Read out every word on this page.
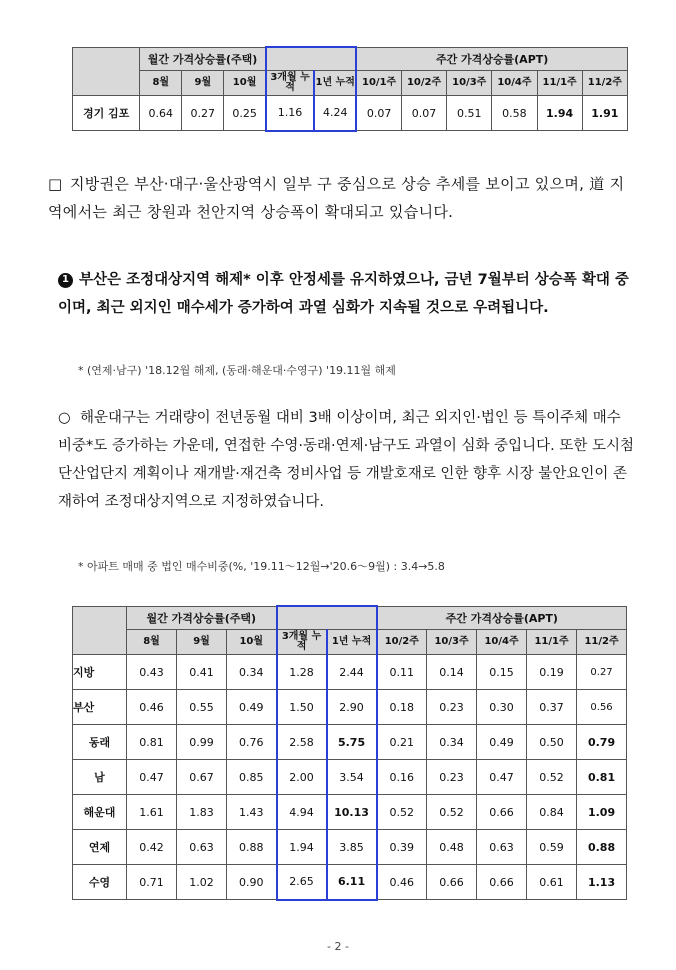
	월간 가격상승률(주택)					주간 가격상승률(APT)					
	8월	9월	10월	3개월 누적	1년 누적	10/1주	10/2주	10/3주	10/4주	11/1주	11/2주
경기 김포	0.64	0.27	0.25	1.16	4.24	0.07	0.07	0.51	0.58	1.94	1.91
□ 지방권은 부산·대구·울산광역시 일부 구 중심으로 상승 추세를 보이고 있으며, 道 지역에서는 최근 창원과 천안지역 상승폭이 확대되고 있습니다.
1 부산은 조정대상지역 해제* 이후 안정세를 유지하였으나, 금년 7월부터 상승폭 확대 중이며, 최근 외지인 매수세가 증가하여 과열 심화가 지속될 것으로 우려됩니다.
* (연제·남구) '18.12월 해제, (동래·해운대·수영구) '19.11월 해제
○ 해운대구는 거래량이 전년동월 대비 3배 이상이며, 최근 외지인·법인 등 특이주체 매수 비중*도 증가하는 가운데, 연접한 수영·동래·연제·남구도 과열이 심화 중입니다. 또한 도시첨단산업단지 계획이나 재개발·재건축 정비사업 등 개발호재로 인한 향후 시장 불안요인이 존재하여 조정대상지역으로 지정하였습니다.
* 아파트 매매 중 법인 매수비중(%, '19.11～12월→'20.6～9월) : 3.4→5.8
	월간 가격상승률(주택)					주간 가격상승률(APT)				
	8월	9월	10월	3개월 누적	1년 누적	10/2주	10/3주	10/4주	11/1주	11/2주
지방	0.43	0.41	0.34	1.28	2.44	0.11	0.14	0.15	0.19	0.27
부산	0.46	0.55	0.49	1.50	2.90	0.18	0.23	0.30	0.37	0.56
동래	0.81	0.99	0.76	2.58	5.75	0.21	0.34	0.49	0.50	0.79
남	0.47	0.67	0.85	2.00	3.54	0.16	0.23	0.47	0.52	0.81
해운대	1.61	1.83	1.43	4.94	10.13	0.52	0.52	0.66	0.84	1.09
연제	0.42	0.63	0.88	1.94	3.85	0.39	0.48	0.63	0.59	0.88
수영	0.71	1.02	0.90	2.65	6.11	0.46	0.66	0.66	0.61	1.13
- 2 -
